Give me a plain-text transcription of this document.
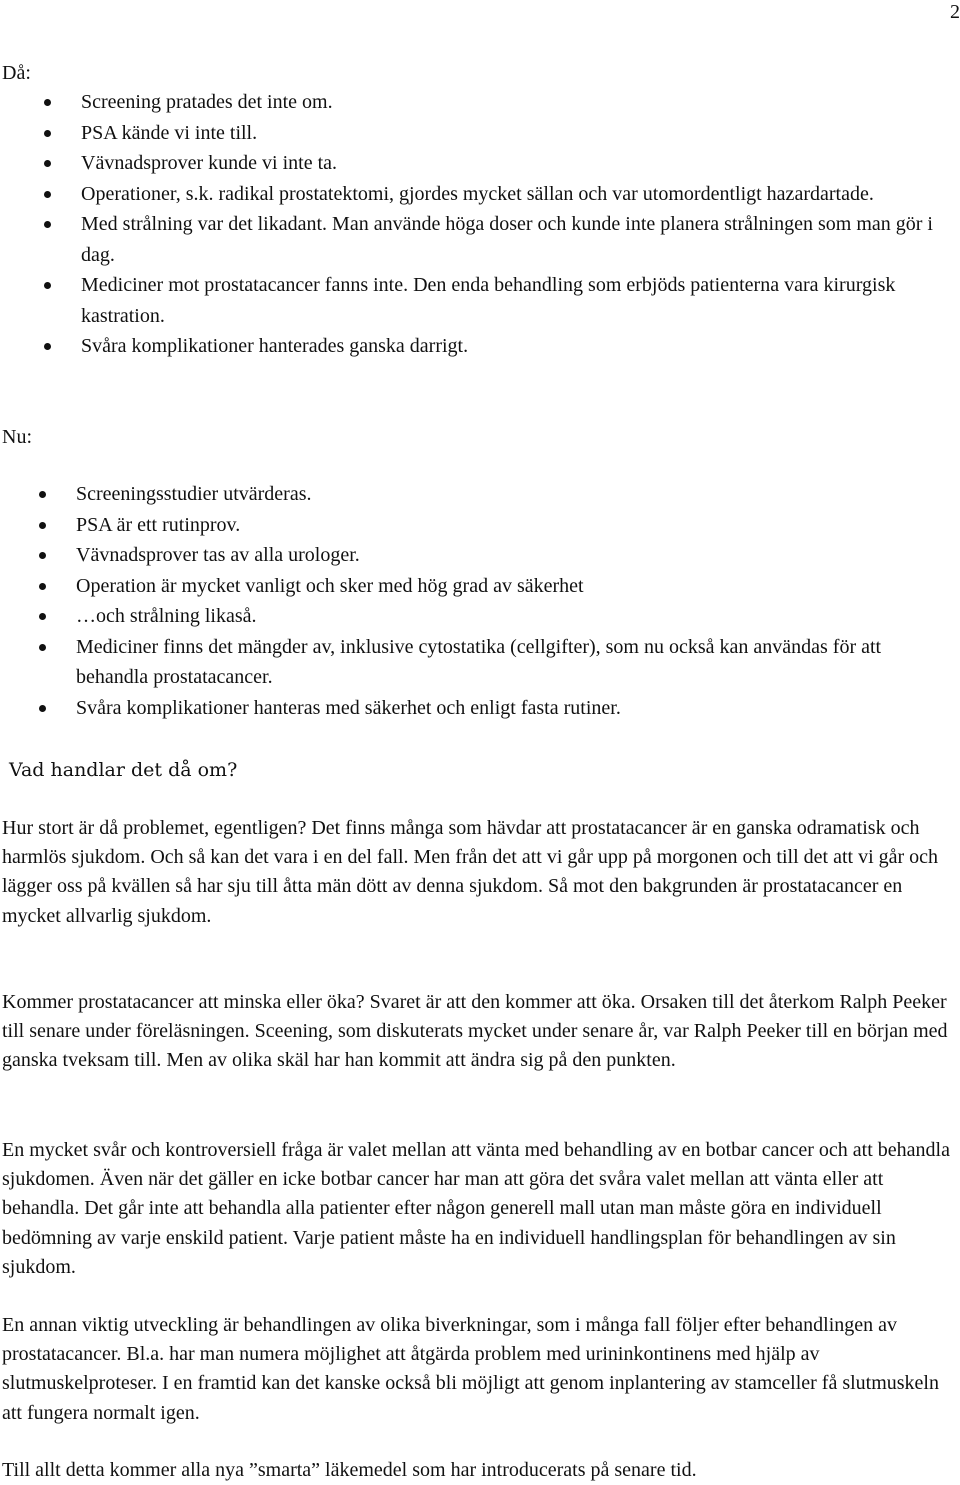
2
Då:
Screening pratades det inte om.
PSA kände vi inte till.
Vävnadsprover kunde vi inte ta.
Operationer, s.k. radikal prostatektomi, gjordes mycket sällan och var utomordentligt hazardartade.
Med strålning var det likadant. Man använde höga doser och kunde inte planera strålningen som man gör i dag.
Mediciner mot prostatacancer fanns inte. Den enda behandling som erbjöds patienterna vara kirurgisk kastration.
Svåra komplikationer hanterades ganska darrigt.
Nu:
Screeningsstudier utvärderas.
PSA är ett rutinprov.
Vävnadsprover tas av alla urologer.
Operation är mycket vanligt och sker med hög grad av säkerhet
…och strålning likaså.
Mediciner finns det mängder av, inklusive cytostatika (cellgifter), som nu också kan användas för att behandla prostatacancer.
Svåra komplikationer hanteras med säkerhet och enligt fasta rutiner.
Vad handlar det då om?

Hur stort är då problemet, egentligen? Det finns många som hävdar att prostatacancer är en ganska odramatisk och harmlös sjukdom. Och så kan det vara i en del fall. Men från det att vi går upp på morgonen och till det att vi går och lägger oss på kvällen så har sju till åtta män dött av denna sjukdom. Så mot den bakgrunden är prostatacancer en mycket allvarlig sjukdom.

Kommer prostatacancer att minska eller öka? Svaret är att den kommer att öka. Orsaken till det återkom Ralph Peeker till senare under föreläsningen. Sceening, som diskuterats mycket under senare år, var Ralph Peeker till en början med ganska tveksam till. Men av olika skäl har han kommit att ändra sig på den punkten.

En mycket svår och kontroversiell fråga är valet mellan att vänta med behandling av en botbar cancer och att behandla sjukdomen. Även när det gäller en icke botbar cancer har man att göra det svåra valet mellan att vänta eller att behandla. Det går inte att behandla alla patienter efter någon generell mall utan man måste göra en individuell bedömning av varje enskild patient. Varje patient måste ha en individuell handlingsplan för behandlingen av sin sjukdom.

En annan viktig utveckling är behandlingen av olika biverkningar, som i många fall följer efter behandlingen av prostatacancer. Bl.a. har man numera möjlighet att åtgärda problem med urininkontinens med hjälp av slutmuskelproteser. I en framtid kan det kanske också bli möjligt att genom inplantering av stamceller få slutmuskeln att fungera normalt igen.

Till allt detta kommer alla nya ”smarta” läkemedel som har introducerats på senare tid.
